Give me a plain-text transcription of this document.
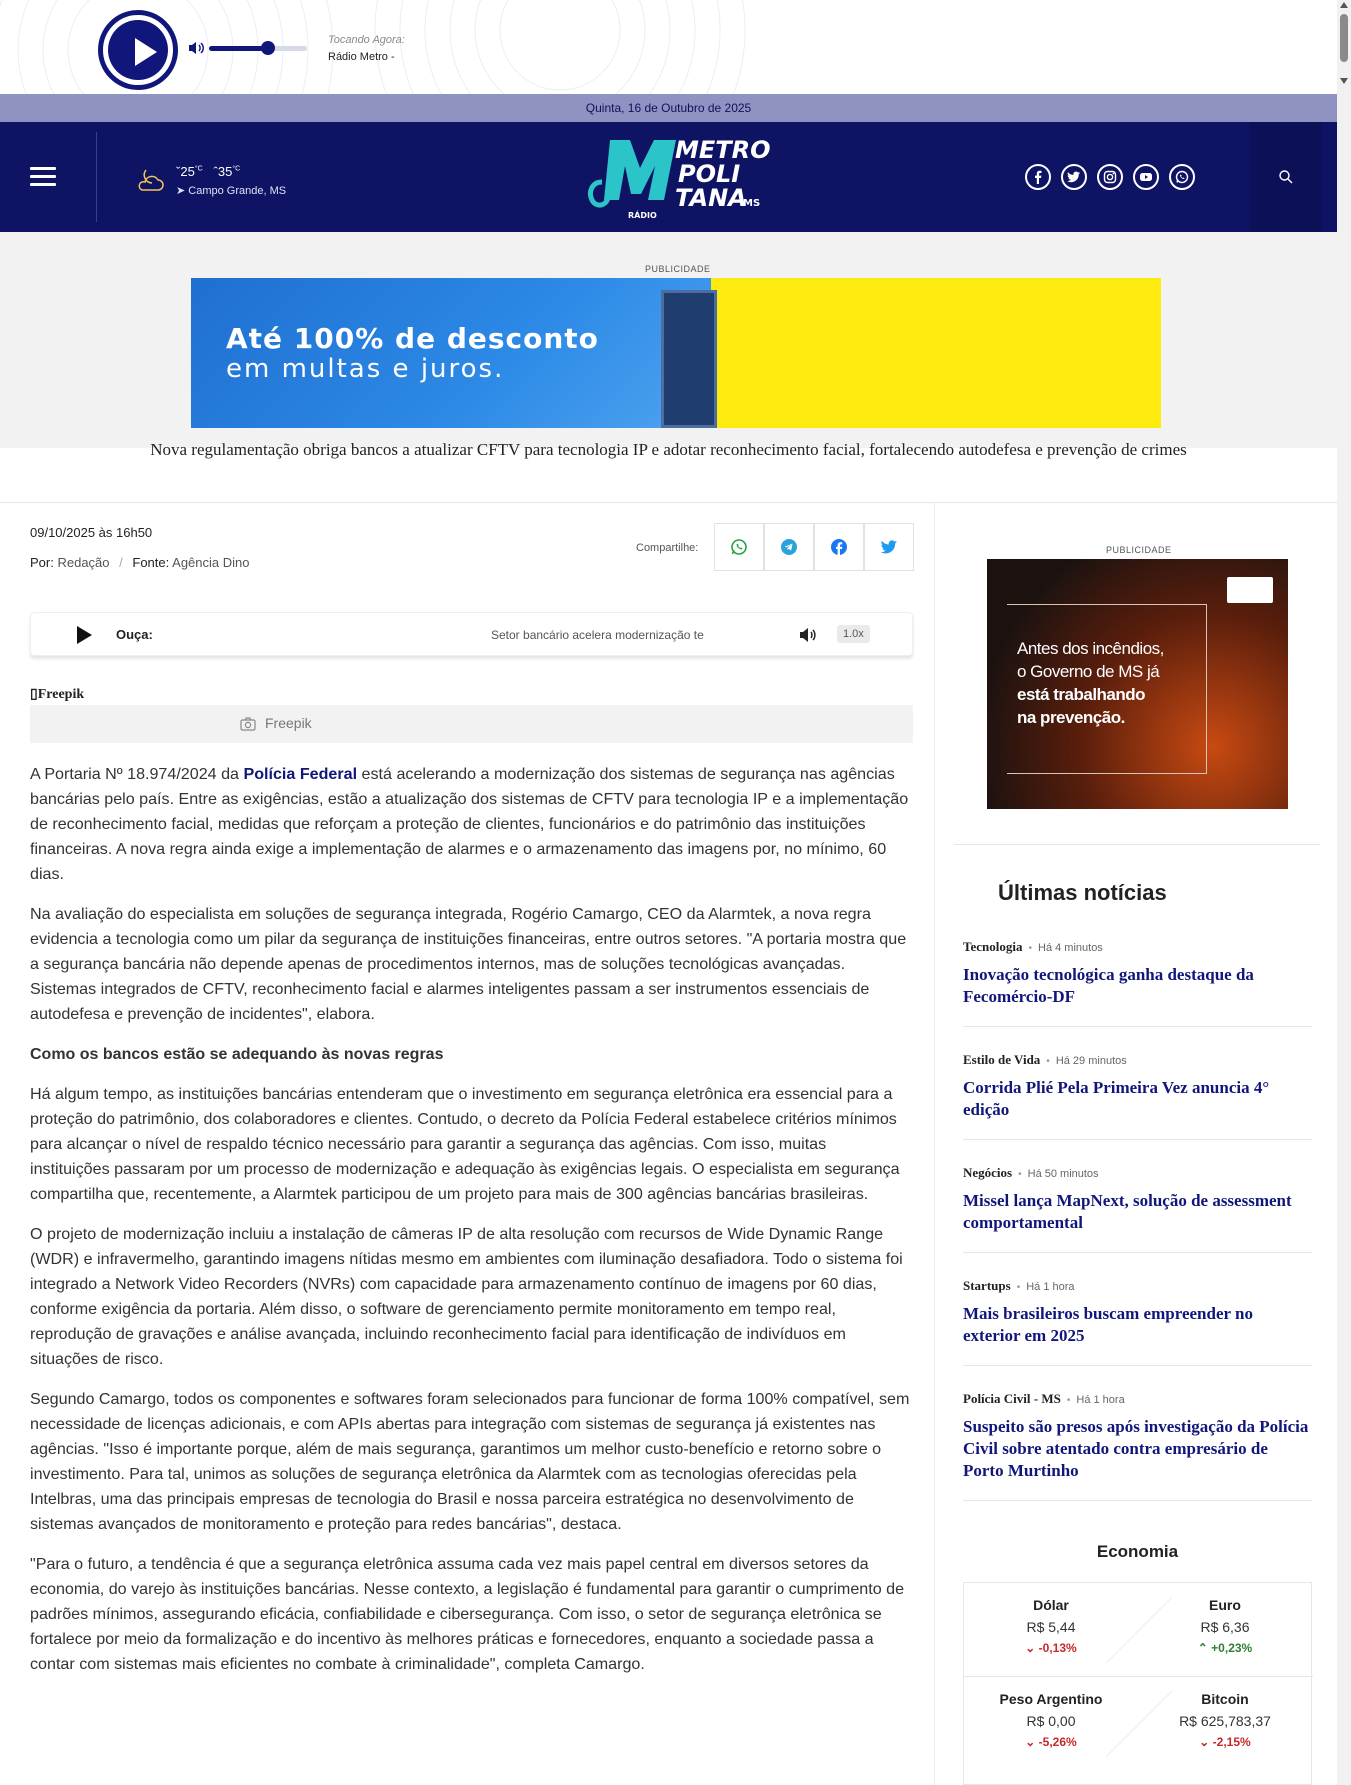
Tocando Agora:
Rádio Metro -
Quinta, 16 de Outubro de 2025
$ˇ25^{^\circ C}$ $ˆ35^{^\circ C}$
➤ Campo Grande, MS
METRO
POLI
TANA
MS
RÁDIO
PUBLICIDADE
Até 100% de desconto
em multas e juros.
Nova regulamentação obriga bancos a atualizar CFTV para tecnologia IP e adotar reconhecimento facial, fortalecendo autodefesa e prevenção de crimes
09/10/2025 às 16h50
Por: Redação / Fonte: Agência Dino
Compartilhe:
Ouça:	Setor bancário acelera modernização te	1.0x
▯Freepik
Freepik

A Portaria Nº 18.974/2024 da Polícia Federal está acelerando a modernização dos sistemas de segurança nas agências bancárias pelo país. Entre as exigências, estão a atualização dos sistemas de CFTV para tecnologia IP e a implementação de reconhecimento facial, medidas que reforçam a proteção de clientes, funcionários e do patrimônio das instituições financeiras. A nova regra ainda exige a implementação de alarmes e o armazenamento das imagens por, no mínimo, 60 dias.

Na avaliação do especialista em soluções de segurança integrada, Rogério Camargo, CEO da Alarmtek, a nova regra evidencia a tecnologia como um pilar da segurança de instituições financeiras, entre outros setores. "A portaria mostra que a segurança bancária não depende apenas de procedimentos internos, mas de soluções tecnológicas avançadas. Sistemas integrados de CFTV, reconhecimento facial e alarmes inteligentes passam a ser instrumentos essenciais de autodefesa e prevenção de incidentes", elabora.

Como os bancos estão se adequando às novas regras

Há algum tempo, as instituições bancárias entenderam que o investimento em segurança eletrônica era essencial para a proteção do patrimônio, dos colaboradores e clientes. Contudo, o decreto da Polícia Federal estabelece critérios mínimos para alcançar o nível de respaldo técnico necessário para garantir a segurança das agências. Com isso, muitas instituições passaram por um processo de modernização e adequação às exigências legais. O especialista em segurança compartilha que, recentemente, a Alarmtek participou de um projeto para mais de 300 agências bancárias brasileiras.

O projeto de modernização incluiu a instalação de câmeras IP de alta resolução com recursos de Wide Dynamic Range (WDR) e infravermelho, garantindo imagens nítidas mesmo em ambientes com iluminação desafiadora. Todo o sistema foi integrado a Network Video Recorders (NVRs) com capacidade para armazenamento contínuo de imagens por 60 dias, conforme exigência da portaria. Além disso, o software de gerenciamento permite monitoramento em tempo real, reprodução de gravações e análise avançada, incluindo reconhecimento facial para identificação de indivíduos em situações de risco.

Segundo Camargo, todos os componentes e softwares foram selecionados para funcionar de forma 100% compatível, sem necessidade de licenças adicionais, e com APIs abertas para integração com sistemas de segurança já existentes nas agências. "Isso é importante porque, além de mais segurança, garantimos um melhor custo-benefício e retorno sobre o investimento. Para tal, unimos as soluções de segurança eletrônica da Alarmtek com as tecnologias oferecidas pela Intelbras, uma das principais empresas de tecnologia do Brasil e nossa parceira estratégica no desenvolvimento de sistemas avançados de monitoramento e proteção para redes bancárias", destaca.

"Para o futuro, a tendência é que a segurança eletrônica assuma cada vez mais papel central em diversos setores da economia, do varejo às instituições bancárias. Nesse contexto, a legislação é fundamental para garantir o cumprimento de padrões mínimos, assegurando eficácia, confiabilidade e cibersegurança. Com isso, o setor de segurança eletrônica se fortalece por meio da formalização e do incentivo às melhores práticas e fornecedores, enquanto a sociedade passa a contar com sistemas mais eficientes no combate à criminalidade", completa Camargo.

PUBLICIDADE
Antes dos incêndios,
o Governo de MS já
está trabalhando
na prevenção.
Últimas notícias
Tecnologia • Há 4 minutos
Inovação tecnológica ganha destaque da Fecomércio-DF
Estilo de Vida • Há 29 minutos
Corrida Plié Pela Primeira Vez anuncia 4° edição
Negócios • Há 50 minutos
Missel lança MapNext, solução de assessment comportamental
Startups • Há 1 hora
Mais brasileiros buscam empreender no exterior em 2025
Polícia Civil - MS • Há 1 hora
Suspeito são presos após investigação da Polícia Civil sobre atentado contra empresário de Porto Murtinho
Economia
Dólar
R$ 5,44
⌄ -0,13%
Euro
R$ 6,36
⌃ +0,23%
Peso Argentino
R$ 0,00
⌄ -5,26%
Bitcoin
R$ 625,783,37
⌄ -2,15%
